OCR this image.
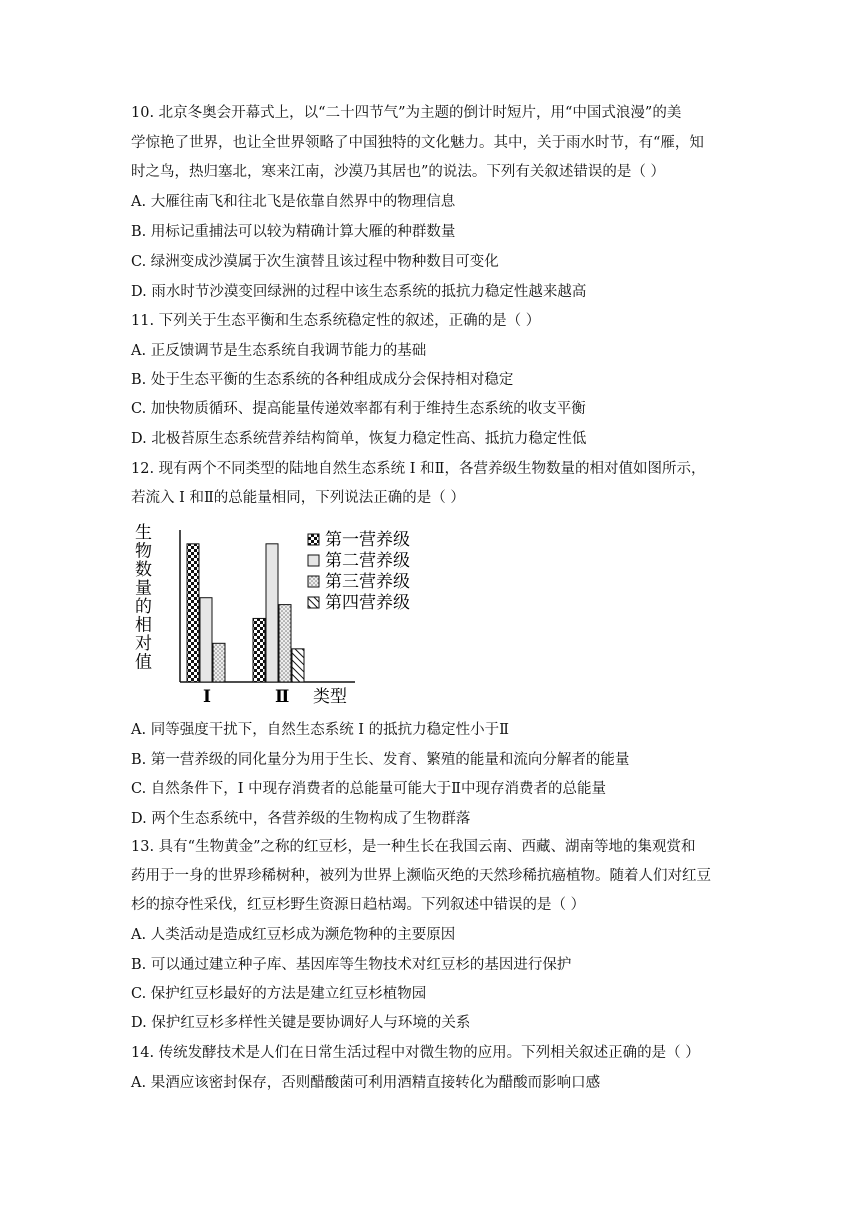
10. 北京冬奥会开幕式上，以“二十四节气”为主题的倒计时短片，用“中国式浪漫”的美
学惊艳了世界，也让全世界领略了中国独特的文化魅力。其中，关于雨水时节，有“雁，知
时之鸟，热归塞北，寒来江南，沙漠乃其居也”的说法。下列有关叙述错误的是（ ）
A. 大雁往南飞和往北飞是依靠自然界中的物理信息
B. 用标记重捕法可以较为精确计算大雁的种群数量
C. 绿洲变成沙漠属于次生演替且该过程中物种数目可变化
D. 雨水时节沙漠变回绿洲的过程中该生态系统的抵抗力稳定性越来越高
11. 下列关于生态平衡和生态系统稳定性的叙述，正确的是（ ）
A. 正反馈调节是生态系统自我调节能力的基础
B. 处于生态平衡的生态系统的各种组成成分会保持相对稳定
C. 加快物质循环、提高能量传递效率都有利于维持生态系统的收支平衡
D. 北极苔原生态系统营养结构简单，恢复力稳定性高、抵抗力稳定性低
12. 现有两个不同类型的陆地自然生态系统 I 和Ⅱ，各营养级生物数量的相对值如图所示，
若流入 I 和Ⅱ的总能量相同，下列说法正确的是（ ）
生
物
数
量
的
相
对
值
I	Ⅱ 类型
第一营养级
第二营养级
第三营养级
第四营养级
A. 同等强度干扰下，自然生态系统 I 的抵抗力稳定性小于Ⅱ
B. 第一营养级的同化量分为用于生长、发育、繁殖的能量和流向分解者的能量
C. 自然条件下，I 中现存消费者的总能量可能大于Ⅱ中现存消费者的总能量
D. 两个生态系统中，各营养级的生物构成了生物群落
13. 具有“生物黄金”之称的红豆杉，是一种生长在我国云南、西藏、湖南等地的集观赏和
药用于一身的世界珍稀树种，被列为世界上濒临灭绝的天然珍稀抗癌植物。随着人们对红豆
杉的掠夺性采伐，红豆杉野生资源日趋枯竭。下列叙述中错误的是（ ）
A. 人类活动是造成红豆杉成为濒危物种的主要原因
B. 可以通过建立种子库、基因库等生物技术对红豆杉的基因进行保护
C. 保护红豆杉最好的方法是建立红豆杉植物园
D. 保护红豆杉多样性关键是要协调好人与环境的关系
14. 传统发酵技术是人们在日常生活过程中对微生物的应用。下列相关叙述正确的是（ ）
A. 果酒应该密封保存，否则醋酸菌可利用酒精直接转化为醋酸而影响口感
